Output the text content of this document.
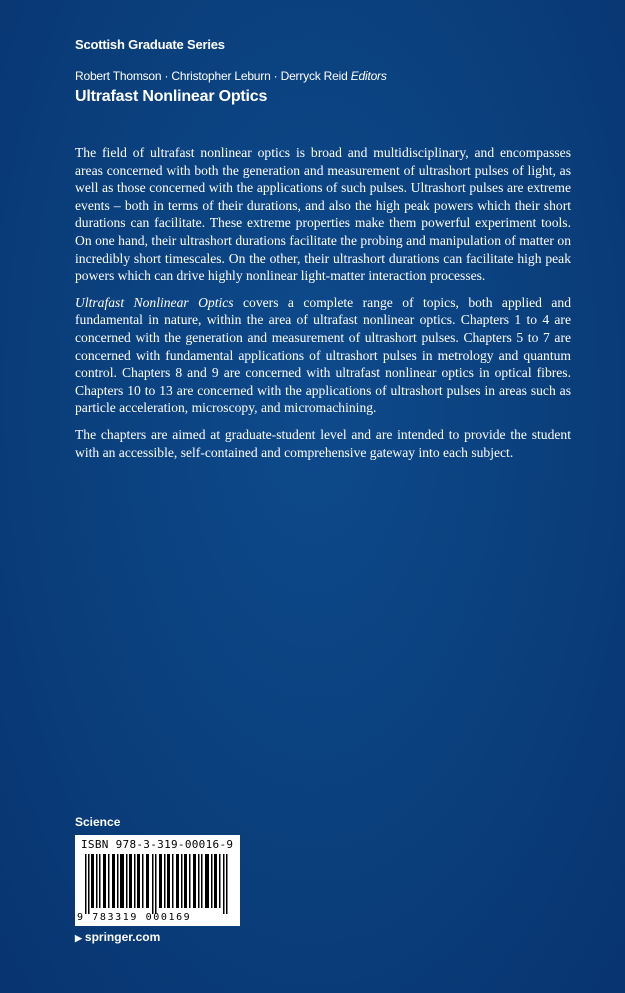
Scottish Graduate Series
Robert Thomson · Christopher Leburn · Derryck Reid Editors
Ultrafast Nonlinear Optics

The field of ultrafast nonlinear optics is broad and multidisciplinary, and encompasses areas concerned with both the generation and measurement of ultrashort pulses of light, as well as those concerned with the applications of such pulses. Ultrashort pulses are extreme events – both in terms of their durations, and also the high peak powers which their short durations can facilitate. These extreme properties make them powerful experiment tools. On one hand, their ultrashort durations facilitate the probing and manipulation of matter on incredibly short timescales. On the other, their ultrashort durations can facilitate high peak powers which can drive highly nonlinear light-matter interaction processes.

Ultrafast Nonlinear Optics covers a complete range of topics, both applied and fundamental in nature, within the area of ultrafast nonlinear optics. Chapters 1 to 4 are concerned with the generation and measurement of ultrashort pulses. Chapters 5 to 7 are concerned with fundamental applications of ultrashort pulses in metrology and quantum control. Chapters 8 and 9 are concerned with ultrafast nonlinear optics in optical fibres. Chapters 10 to 13 are concerned with the applications of ultrashort pulses in areas such as particle acceleration, microscopy, and micromachining.

The chapters are aimed at graduate-student level and are intended to provide the student with an accessible, self-contained and comprehensive gateway into each subject.

Science
ISBN 978-3-319-00016-9
9 783319 000169
▶ springer.com
